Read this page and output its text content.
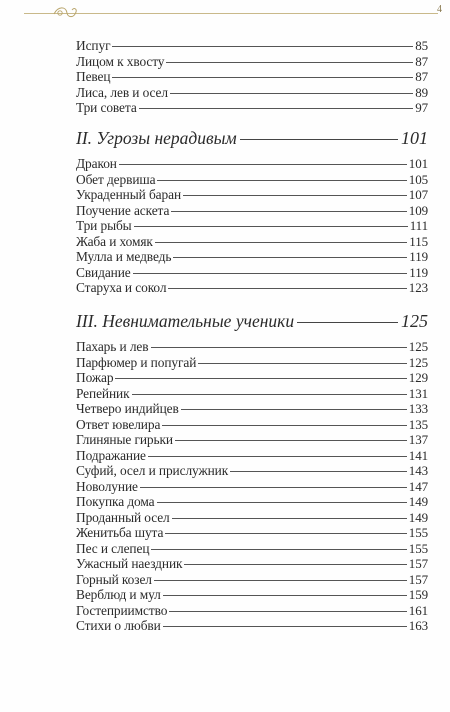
4
Испуг	85
Лицом к хвосту	87
Певец	87
Лиса, лев и осел	89
Три совета	97
II. Угрозы нерадивым	101
Дракон	101
Обет дервиша	105
Украденный баран	107
Поучение аскета	109
Три рыбы	111
Жаба и хомяк	115
Мулла и медведь	119
Свидание	119
Старуха и сокол	123
III. Невнимательные ученики	125
Пахарь и лев	125
Парфюмер и попугай	125
Пожар	129
Репейник	131
Четверо индийцев	133
Ответ ювелира	135
Глиняные гирьки	137
Подражание	141
Суфий, осел и прислужник	143
Новолуние	147
Покупка дома	149
Проданный осел	149
Женитьба шута	155
Пес и слепец	155
Ужасный наездник	157
Горный козел	157
Верблюд и мул	159
Гостеприимство	161
Стихи о любви	163
